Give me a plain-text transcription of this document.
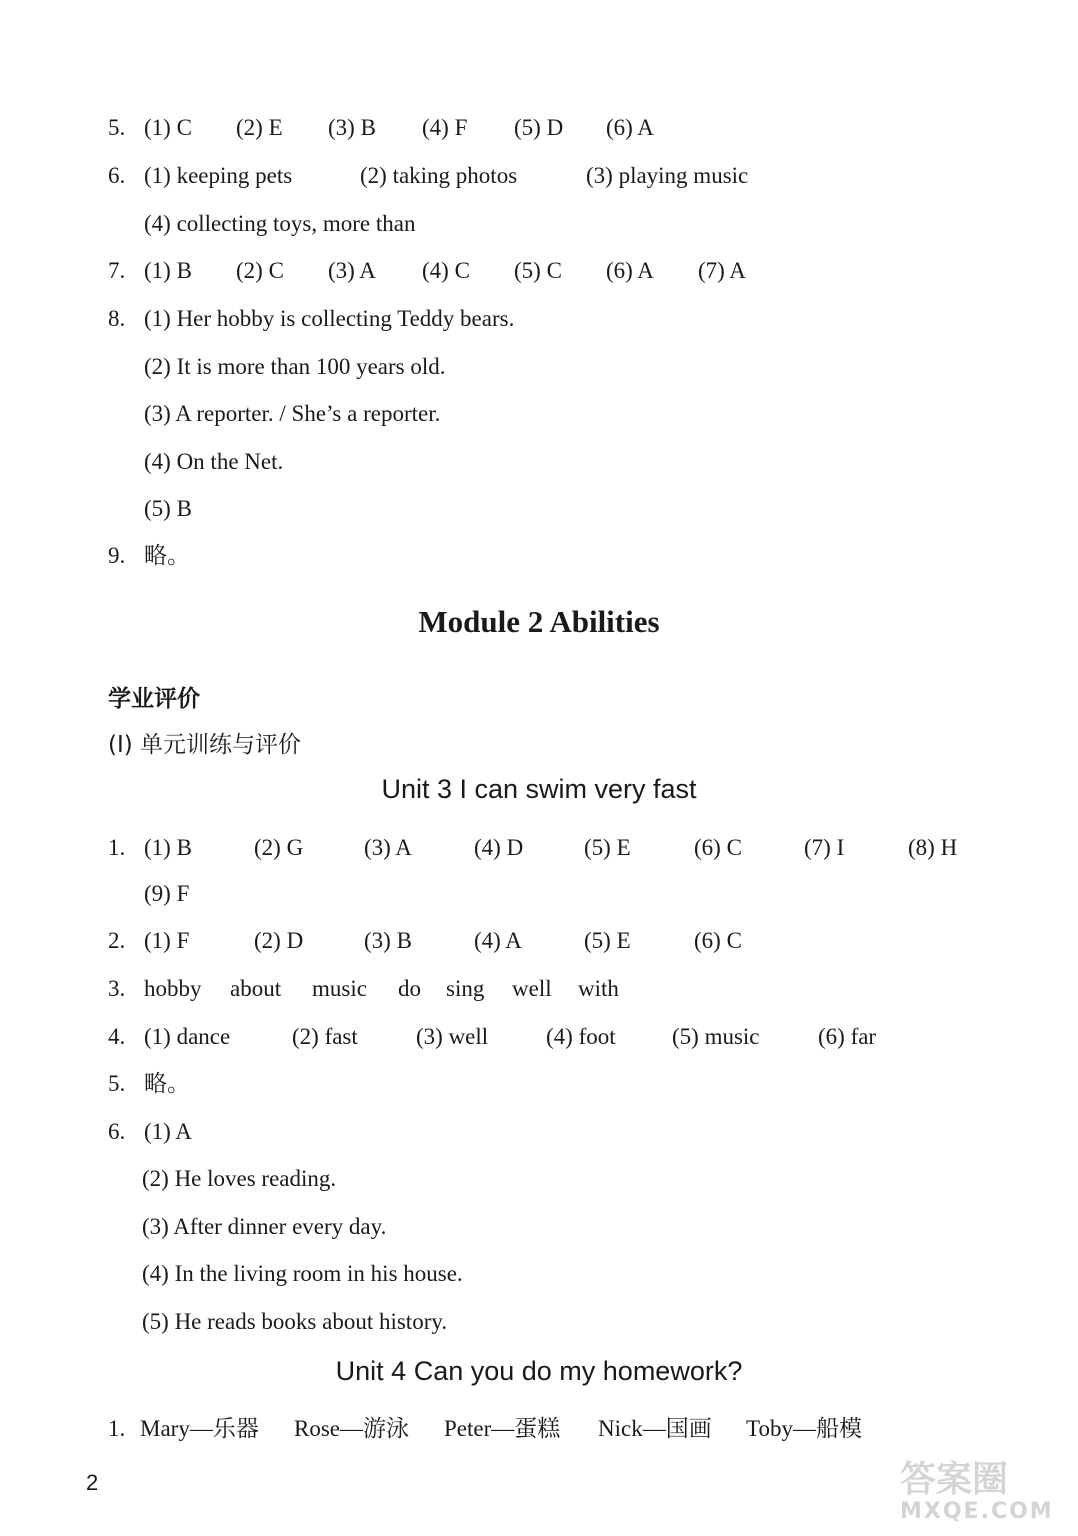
5. (1) C (2) E (3) B (4) F (5) D (6) A
6. (1) keeping pets	(2) taking photos	(3) playing music
(4) collecting toys, more than
7. (1) B (2) C (3) A (4) C (5) C (6) A (7) A
8. (1) Her hobby is collecting Teddy bears.
(2) It is more than 100 years old.
(3) A reporter. / She’s a reporter.
(4) On the Net.
(5) B
9. 略。
Module 2 Abilities
学业评价
(Ⅰ) 单元训练与评价
Unit 3 I can swim very fast
1. (1) B	(2) G	(3) A	(4) D	(5) E	(6) C	(7) I	(8) H
(9) F
2. (1) F	(2) D	(3) B	(4) A	(5) E	(6) C
3. hobby about music do sing well with
4. (1) dance	(2) fast	(3) well	(4) foot (5) music	(6) far
5. 略。
6. (1) A
(2) He loves reading.
(3) After dinner every day.
(4) In the living room in his house.
(5) He reads books about history.
Unit 4 Can you do my homework?
1. Mary—乐器 Rose—游泳 Peter—蛋糕 Nick—国画 Toby—船模
2	答案圈
MXQE.COM
